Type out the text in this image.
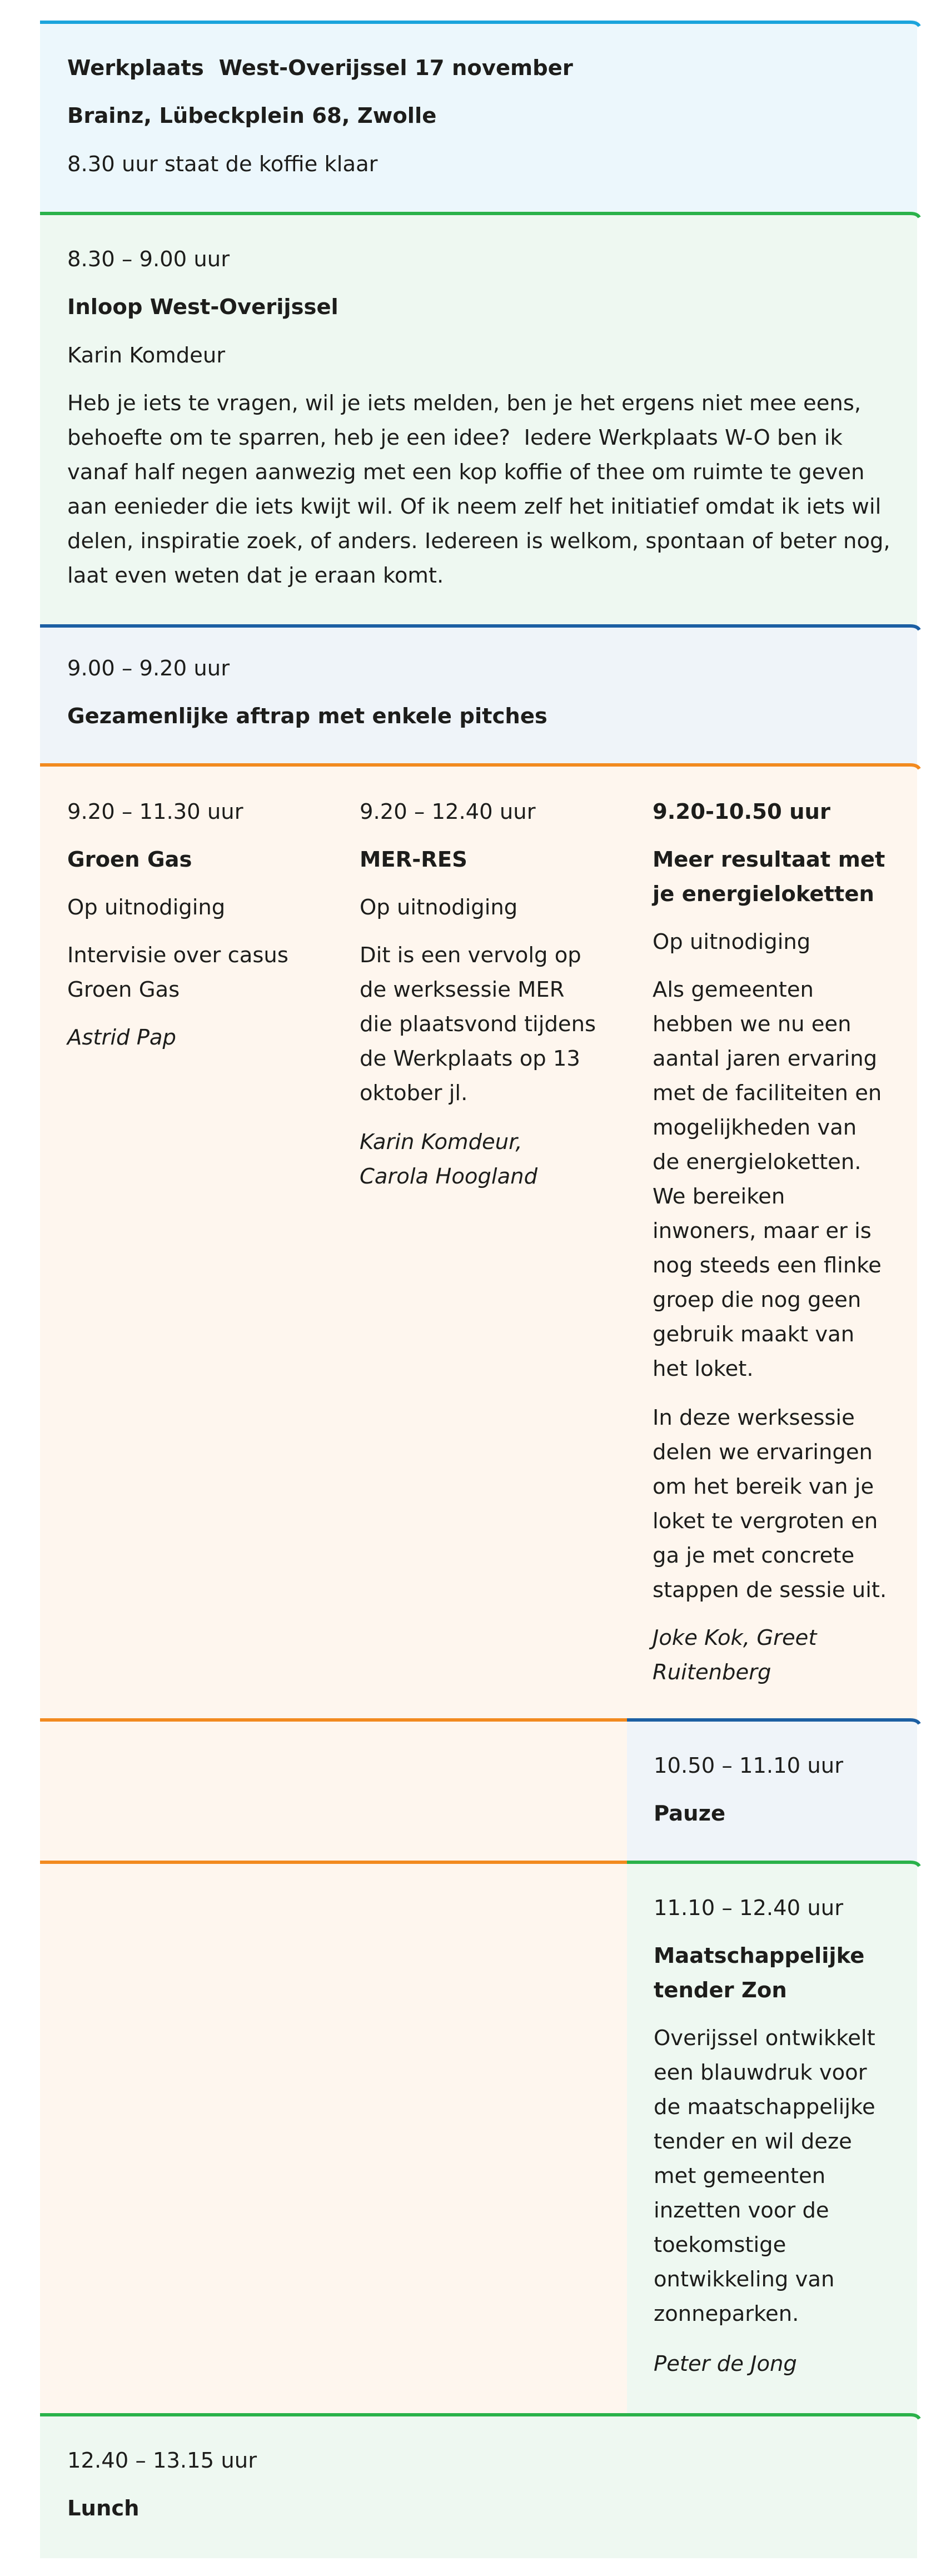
Werkplaats  West-Overijssel 17 november
Brainz, Lübeckplein 68, Zwolle
8.30 uur staat de koffie klaar
8.30 – 9.00 uur
Inloop West-Overijssel
Karin Komdeur
Heb je iets te vragen, wil je iets melden, ben je het ergens niet mee eens,
behoefte om te sparren, heb je een idee?  Iedere Werkplaats W-O ben ik
vanaf half negen aanwezig met een kop koffie of thee om ruimte te geven
aan eenieder die iets kwijt wil. Of ik neem zelf het initiatief omdat ik iets wil
delen, inspiratie zoek, of anders. Iedereen is welkom, spontaan of beter nog,
laat even weten dat je eraan komt.
9.00 – 9.20 uur
Gezamenlijke aftrap met enkele pitches
9.20 – 11.30 uur
Groen Gas
Op uitnodiging
Intervisie over casus
Groen Gas
Astrid Pap
9.20 – 12.40 uur
MER-RES
Op uitnodiging
Dit is een vervolg op
de werksessie MER
die plaatsvond tijdens
de Werkplaats op 13
oktober jl.
Karin Komdeur,
Carola Hoogland
9.20-10.50 uur
Meer resultaat met
je energieloketten
Op uitnodiging
Als gemeenten
hebben we nu een
aantal jaren ervaring
met de faciliteiten en
mogelijkheden van
de energieloketten.
We bereiken
inwoners, maar er is
nog steeds een flinke
groep die nog geen
gebruik maakt van
het loket.
In deze werksessie
delen we ervaringen
om het bereik van je
loket te vergroten en
ga je met concrete
stappen de sessie uit.
Joke Kok, Greet
Ruitenberg
10.50 – 11.10 uur
Pauze
11.10 – 12.40 uur
Maatschappelijke
tender Zon
Overijssel ontwikkelt
een blauwdruk voor
de maatschappelijke
tender en wil deze
met gemeenten
inzetten voor de
toekomstige
ontwikkeling van
zonneparken.
Peter de Jong
12.40 – 13.15 uur
Lunch
